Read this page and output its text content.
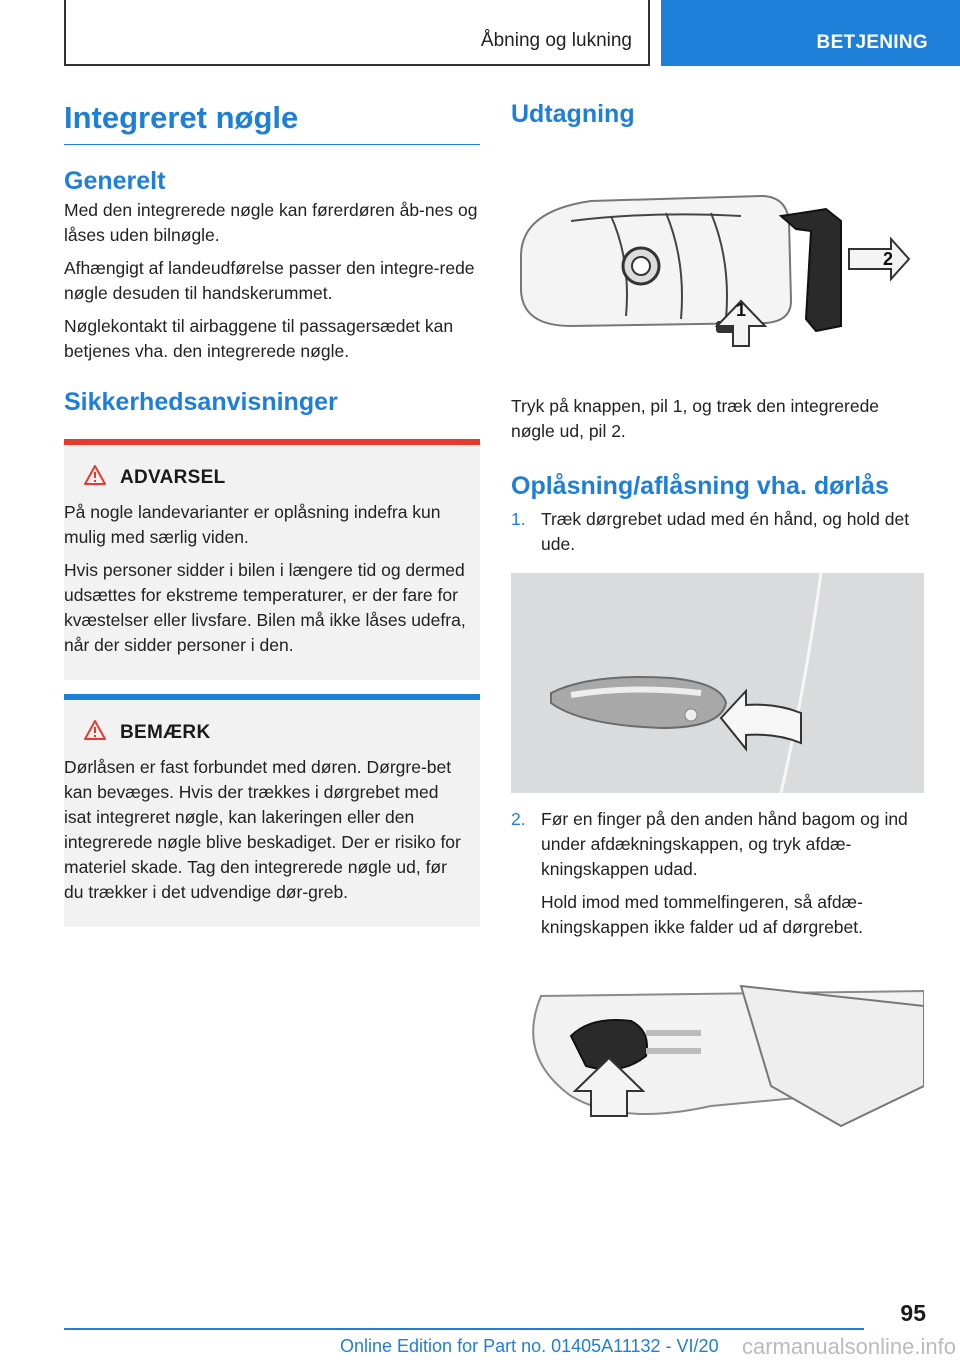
Åbning og lukning	BETJENING
Integreret nøgle
Generelt

Med den integrerede nøgle kan førerdøren åb-nes og låses uden bilnøgle.

Afhængigt af landeudførelse passer den integre-rede nøgle desuden til handskerummet.

Nøglekontakt til airbaggene til passagersædet kan betjenes vha. den integrerede nøgle.

Sikkerhedsanvisninger
ADVARSEL

På nogle landevarianter er oplåsning indefra kun mulig med særlig viden.

Hvis personer sidder i bilen i længere tid og dermed udsættes for ekstreme temperaturer, er der fare for kvæstelser eller livsfare. Bilen må ikke låses udefra, når der sidder personer i den.

BEMÆRK

Dørlåsen er fast forbundet med døren. Dørgre-bet kan bevæges. Hvis der trækkes i dørgrebet med isat integreret nøgle, kan lakeringen eller den integrerede nøgle blive beskadiget. Der er risiko for materiel skade. Tag den integrerede nøgle ud, før du trækker i det udvendige dør-greb.

Udtagning
1
2

Tryk på knappen, pil 1, og træk den integrerede nøgle ud, pil 2.

Oplåsning/aflåsning vha. dørlås
1. Træk dørgrebet udad med én hånd, og hold det ude.

2. Før en finger på den anden hånd bagom og ind under afdækningskappen, og tryk afdæ-kningskappen udad.

Hold imod med tommelfingeren, så afdæ-kningskappen ikke falder ud af dørgrebet.

95
Online Edition for Part no. 01405A11132 - VI/20 carmanualsonline.info
